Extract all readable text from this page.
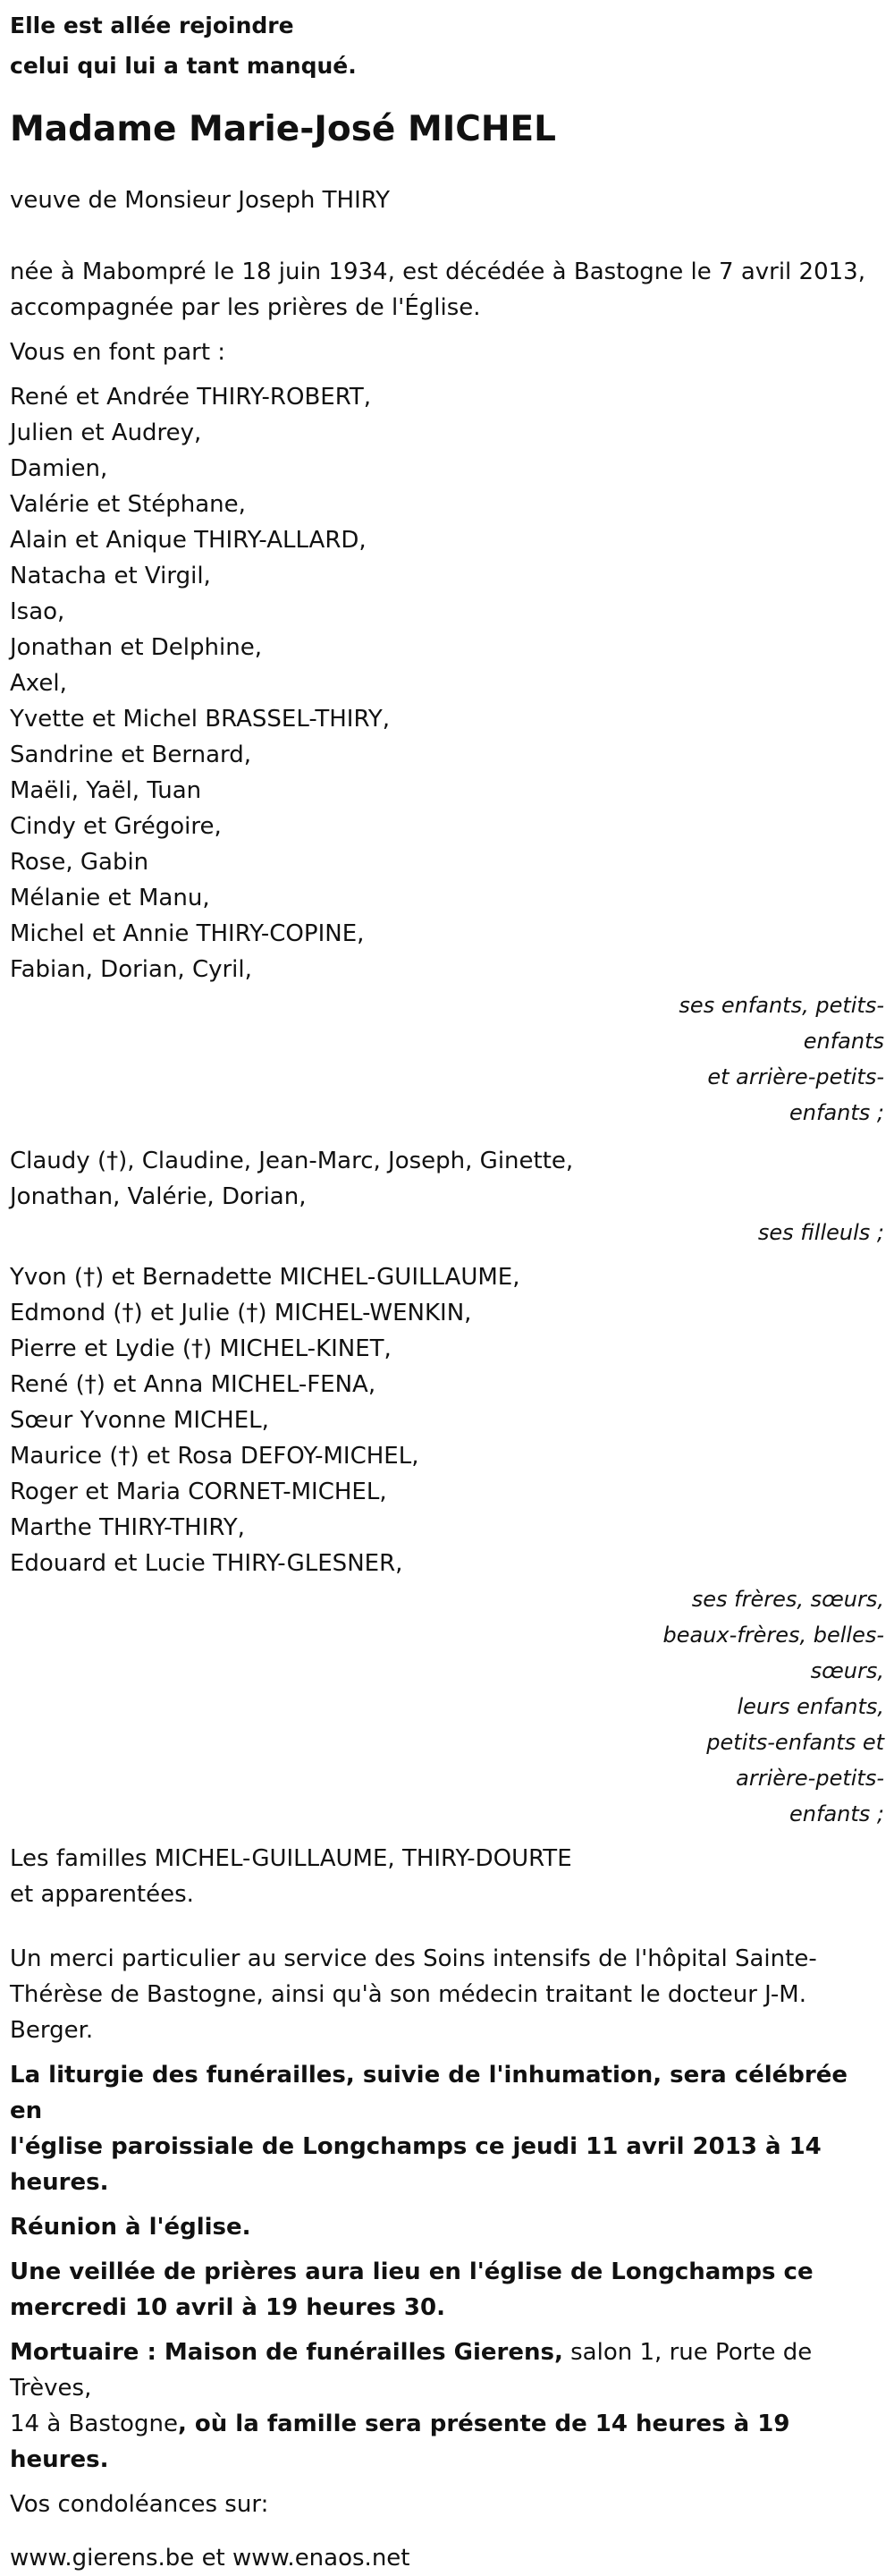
Elle est allée rejoindre

celui qui lui a tant manqué.

Madame Marie-José MICHEL

veuve de Monsieur Joseph THIRY

née à Mabompré le 18 juin 1934, est décédée à Bastogne le 7 avril 2013,

accompagnée par les prières de l'Église.

Vous en font part :

René et Andrée THIRY-ROBERT,

Julien et Audrey,

Damien,

Valérie et Stéphane,

Alain et Anique THIRY-ALLARD,

Natacha et Virgil,

Isao,

Jonathan et Delphine,

Axel,

Yvette et Michel BRASSEL-THIRY,

Sandrine et Bernard,

Maëli, Yaël, Tuan

Cindy et Grégoire,

Rose, Gabin

Mélanie et Manu,

Michel et Annie THIRY-COPINE,

Fabian, Dorian, Cyril,

ses enfants, petits-

enfants

et arrière-petits-

enfants ;

Claudy (†), Claudine, Jean-Marc, Joseph, Ginette,

Jonathan, Valérie, Dorian,

ses filleuls ;

Yvon (†) et Bernadette MICHEL-GUILLAUME,

Edmond (†) et Julie (†) MICHEL-WENKIN,

Pierre et Lydie (†) MICHEL-KINET,

René (†) et Anna MICHEL-FENA,

Sœur Yvonne MICHEL,

Maurice (†) et Rosa DEFOY-MICHEL,

Roger et Maria CORNET-MICHEL,

Marthe THIRY-THIRY,

Edouard et Lucie THIRY-GLESNER,

ses frères, sœurs,

beaux-frères, belles-

sœurs,

leurs enfants,

petits-enfants et

arrière-petits-

enfants ;

Les familles MICHEL-GUILLAUME, THIRY-DOURTE

et apparentées.

Un merci particulier au service des Soins intensifs de l'hôpital Sainte-

Thérèse de Bastogne, ainsi qu'à son médecin traitant le docteur J-M.

Berger.

La liturgie des funérailles, suivie de l'inhumation, sera célébrée en

l'église paroissiale de Longchamps ce jeudi 11 avril 2013 à 14 heures.

Réunion à l'église.

Une veillée de prières aura lieu en l'église de Longchamps ce

mercredi 10 avril à 19 heures 30.

Mortuaire : Maison de funérailles Gierens, salon 1, rue Porte de Trèves,

14 à Bastogne, où la famille sera présente de 14 heures à 19 heures.

Vos condoléances sur:

www.gierens.be et www.enaos.net
